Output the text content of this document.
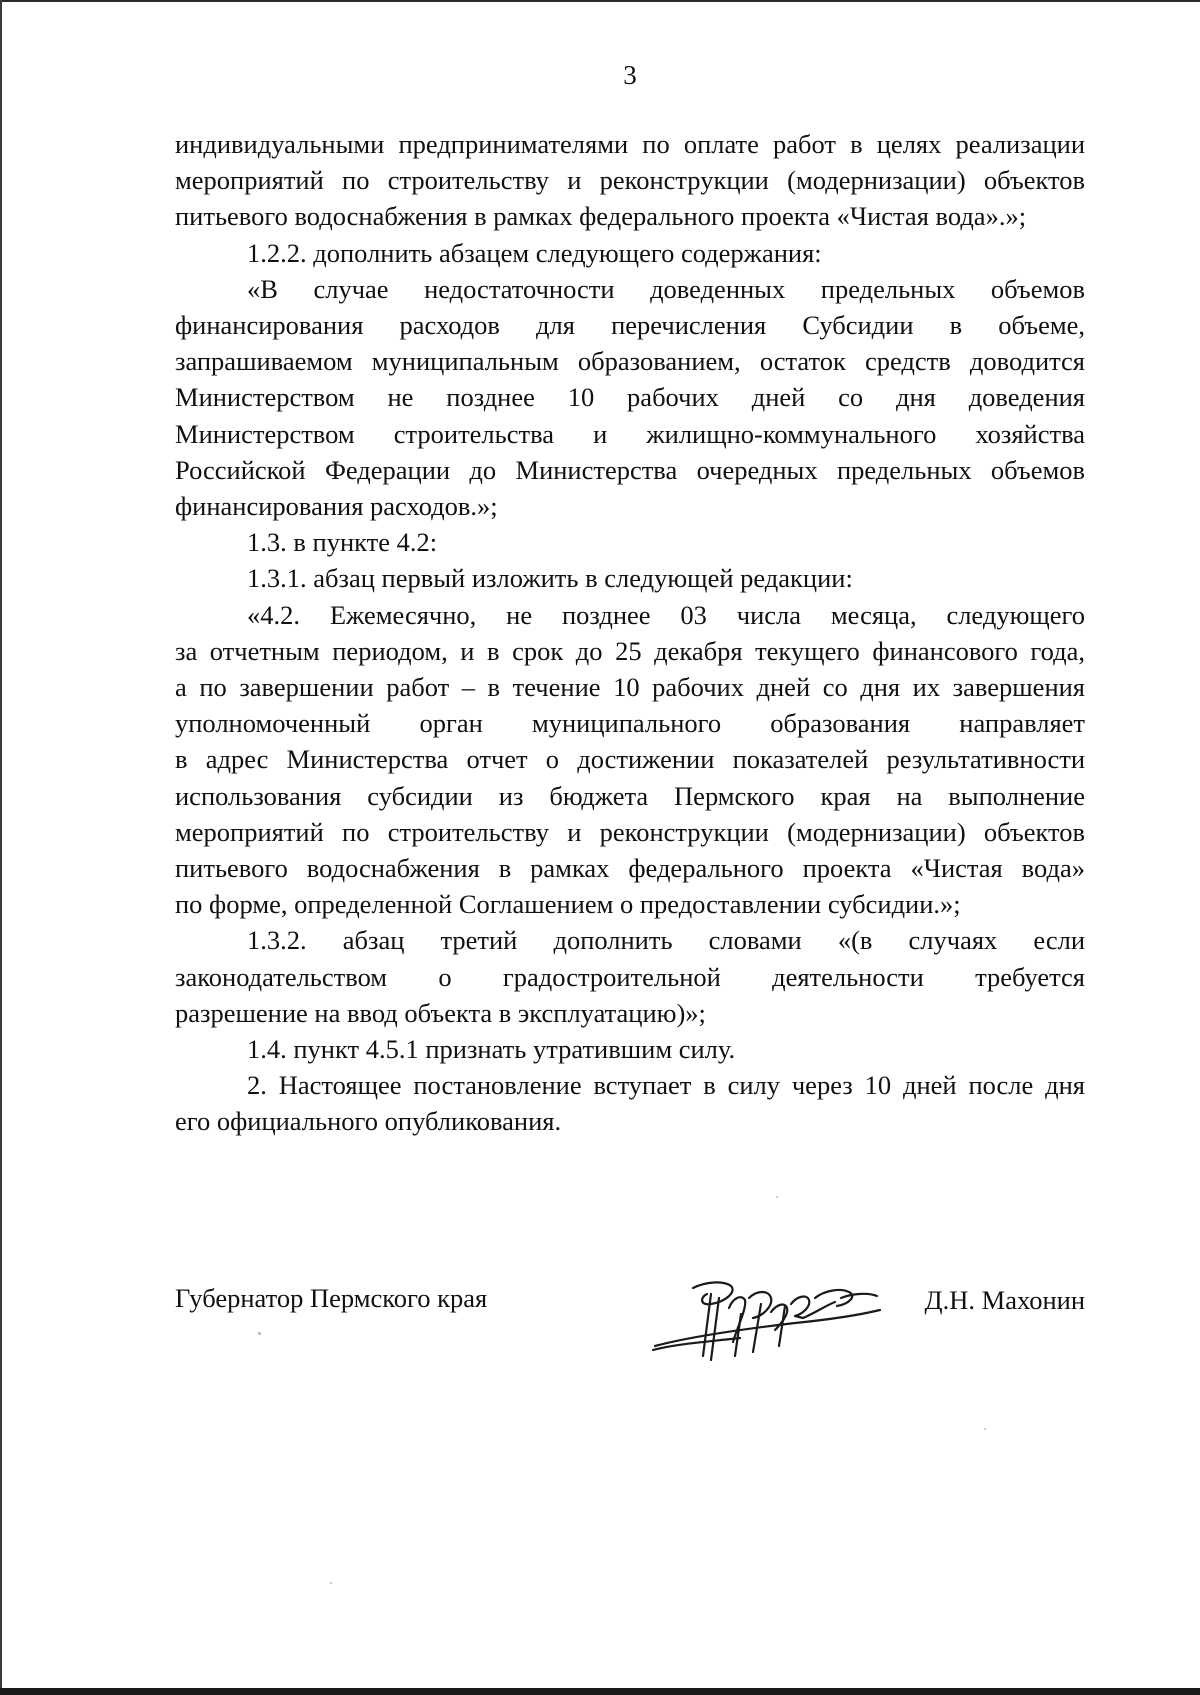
3
индивидуальными предпринимателями по оплате работ в целях реализации
мероприятий по строительству и реконструкции (модернизации) объектов
питьевого водоснабжения в рамках федерального проекта «Чистая вода».»;
1.2.2. дополнить абзацем следующего содержания:
«В случае недостаточности доведенных предельных объемов
финансирования расходов для перечисления Субсидии в объеме,
запрашиваемом муниципальным образованием, остаток средств доводится
Министерством не позднее 10 рабочих дней со дня доведения
Министерством строительства и жилищно-коммунального хозяйства
Российской Федерации до Министерства очередных предельных объемов
финансирования расходов.»;
1.3. в пункте 4.2:
1.3.1. абзац первый изложить в следующей редакции:
«4.2. Ежемесячно, не позднее 03 числа месяца, следующего
за отчетным периодом, и в срок до 25 декабря текущего финансового года,
а по завершении работ – в течение 10 рабочих дней со дня их завершения
уполномоченный орган муниципального образования направляет
в адрес Министерства отчет о достижении показателей результативности
использования субсидии из бюджета Пермского края на выполнение
мероприятий по строительству и реконструкции (модернизации) объектов
питьевого водоснабжения в рамках федерального проекта «Чистая вода»
по форме, определенной Соглашением о предоставлении субсидии.»;
1.3.2. абзац третий дополнить словами «(в случаях если
законодательством о градостроительной деятельности требуется
разрешение на ввод объекта в эксплуатацию)»;
1.4. пункт 4.5.1 признать утратившим силу.
2. Настоящее постановление вступает в силу через 10 дней после дня
его официального опубликования.
Губернатор Пермского края	Д.Н. Махонин
